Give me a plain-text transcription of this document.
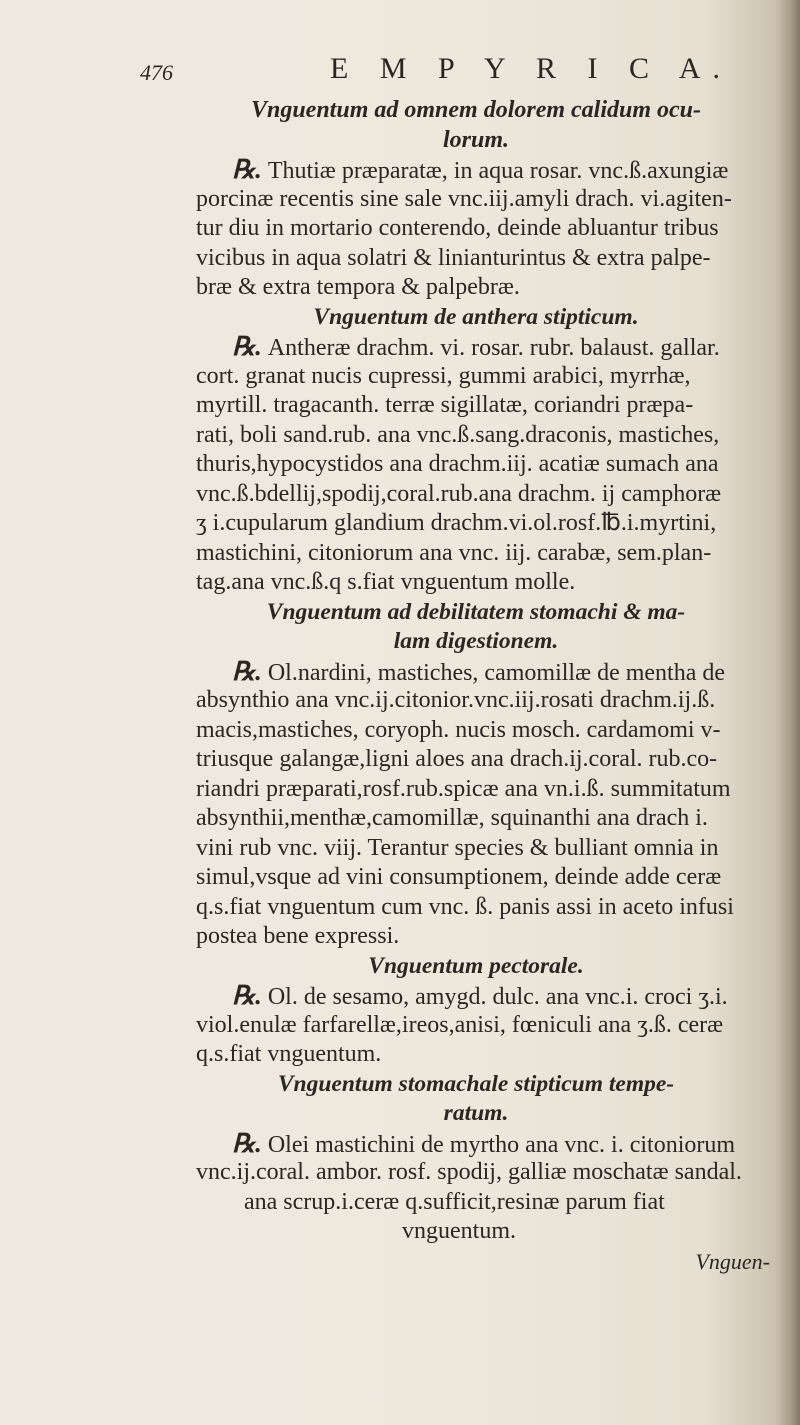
476	E M P Y R I C A.
Vnguentum ad omnem dolorem calidum ocu-
lorum.
℞. Thutiæ præparatæ, in aqua rosar. vnc.ß.axungiæ
porcinæ recentis sine sale vnc.iij.amyli drach. vi.agiten-
tur diu in mortario conterendo, deinde abluantur tribus
vicibus in aqua solatri & linianturintus & extra palpe-
bræ & extra tempora & palpebræ.
Vnguentum de anthera stipticum.
℞. Antheræ drachm. vi. rosar. rubr. balaust. gallar.
cort. granat nucis cupressi, gummi arabici, myrrhæ,
myrtill. tragacanth. terræ sigillatæ, coriandri præpa-
rati, boli sand.rub. ana vnc.ß.sang.draconis, mastiches,
thuris,hypocystidos ana drachm.iij. acatiæ sumach ana
vnc.ß.bdellij,spodij,coral.rub.ana drachm. ij camphoræ
ʒ i.cupularum glandium drachm.vi.ol.rosf.℔.i.myrtini,
mastichini, citoniorum ana vnc. iij. carabæ, sem.plan-
tag.ana vnc.ß.q s.fiat vnguentum molle.
Vnguentum ad debilitatem stomachi & ma-
lam digestionem.
℞. Ol.nardini, mastiches, camomillæ de mentha de
absynthio ana vnc.ij.citonior.vnc.iij.rosati drachm.ij.ß.
macis,mastiches, coryoph. nucis mosch. cardamomi v-
triusque galangæ,ligni aloes ana drach.ij.coral. rub.co-
riandri præparati,rosf.rub.spicæ ana vn.i.ß. summitatum
absynthii,menthæ,camomillæ, squinanthi ana drach i.
vini rub vnc. viij. Terantur species & bulliant omnia in
simul,vsque ad vini consumptionem, deinde adde ceræ
q.s.fiat vnguentum cum vnc. ß. panis assi in aceto infusi
postea bene expressi.
Vnguentum pectorale.
℞. Ol. de sesamo, amygd. dulc. ana vnc.i. croci ʒ.i.
viol.enulæ farfarellæ,ireos,anisi, fœniculi ana ʒ.ß. ceræ
q.s.fiat vnguentum.
Vnguentum stomachale stipticum tempe-
ratum.
℞. Olei mastichini de myrtho ana vnc. i. citoniorum
vnc.ij.coral. ambor. rosf. spodij, galliæ moschatæ sandal.
ana scrup.i.ceræ q.sufficit,resinæ parum fiat
vnguentum.
Vnguen-
